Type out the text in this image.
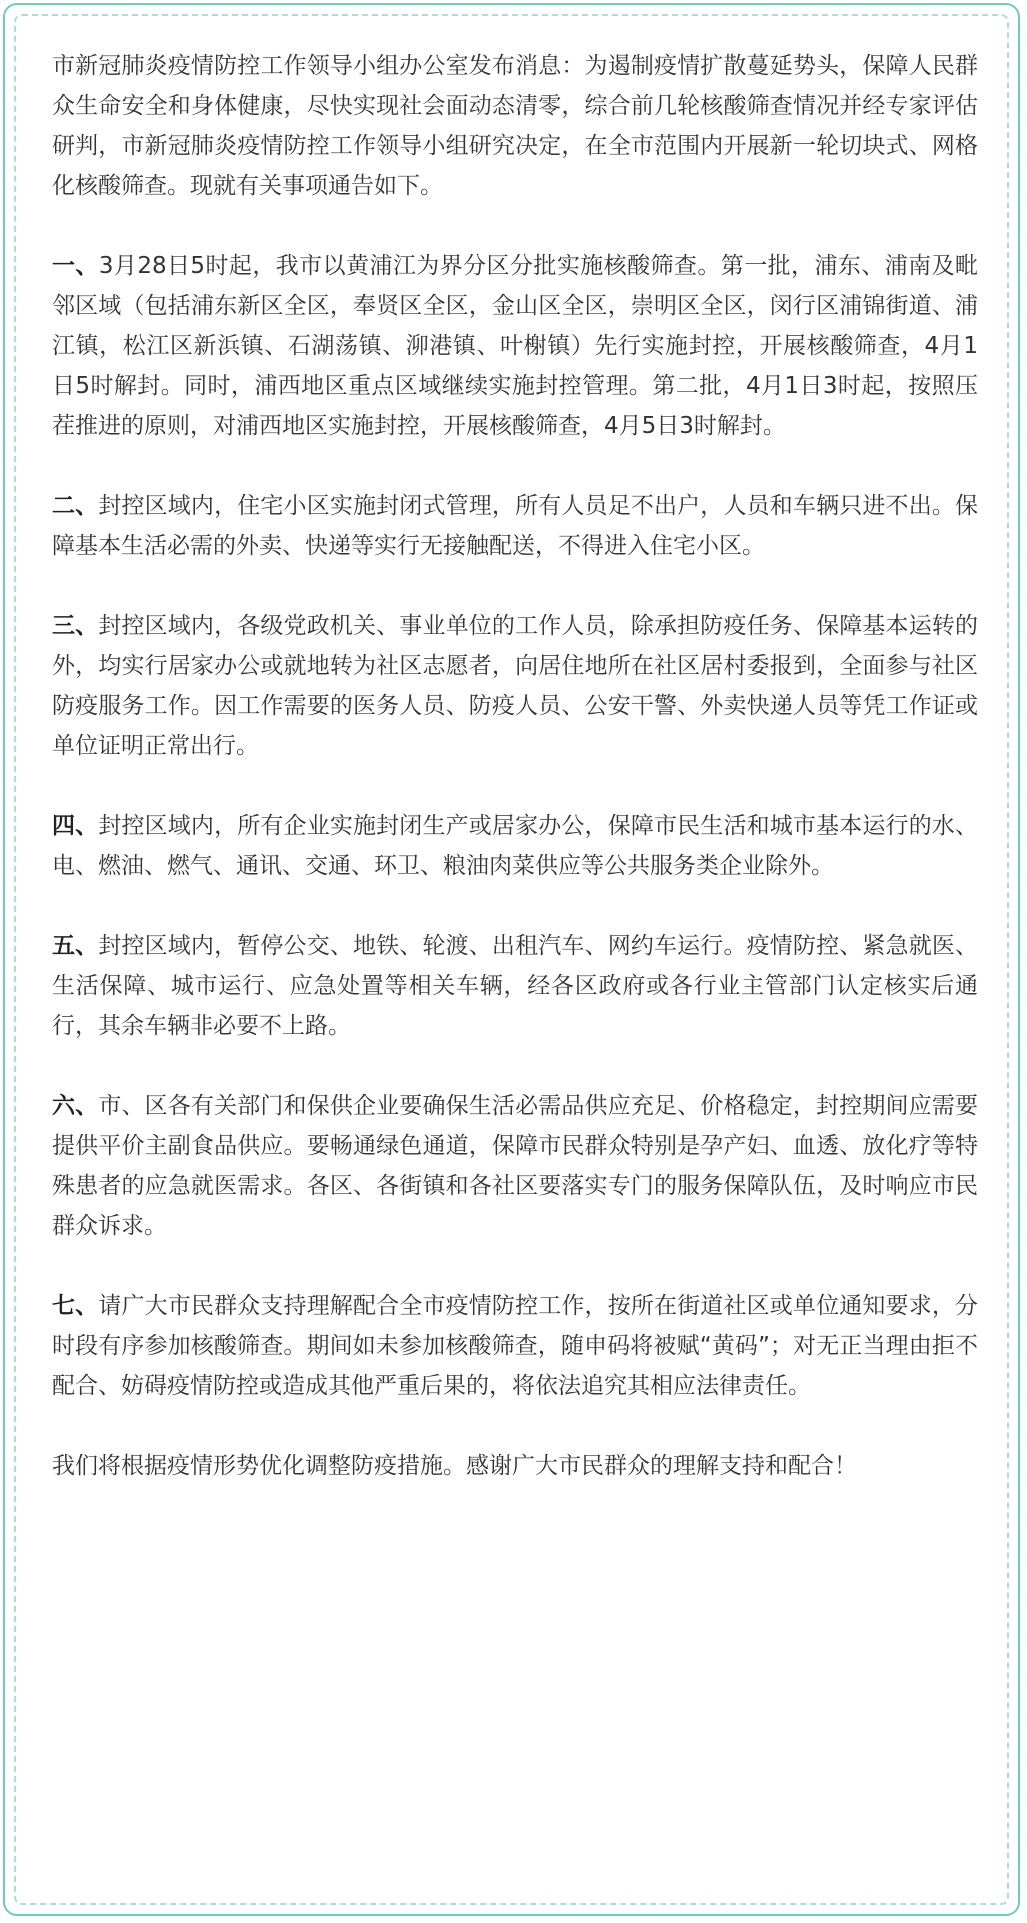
市新冠肺炎疫情防控工作领导小组办公室发布消息：为遏制疫情扩散蔓延势头，保障人民群众生命安全和身体健康，尽快实现社会面动态清零，综合前几轮核酸筛查情况并经专家评估研判，市新冠肺炎疫情防控工作领导小组研究决定，在全市范围内开展新一轮切块式、网格化核酸筛查。现就有关事项通告如下。

一、3月28日5时起，我市以黄浦江为界分区分批实施核酸筛查。第一批，浦东、浦南及毗邻区域（包括浦东新区全区，奉贤区全区，金山区全区，崇明区全区，闵行区浦锦街道、浦江镇，松江区新浜镇、石湖荡镇、泖港镇、叶榭镇）先行实施封控，开展核酸筛查，4月1日5时解封。同时，浦西地区重点区域继续实施封控管理。第二批，4月1日3时起，按照压茬推进的原则，对浦西地区实施封控，开展核酸筛查，4月5日3时解封。

二、封控区域内，住宅小区实施封闭式管理，所有人员足不出户，人员和车辆只进不出。保障基本生活必需的外卖、快递等实行无接触配送，不得进入住宅小区。

三、封控区域内，各级党政机关、事业单位的工作人员，除承担防疫任务、保障基本运转的外，均实行居家办公或就地转为社区志愿者，向居住地所在社区居村委报到，全面参与社区防疫服务工作。因工作需要的医务人员、防疫人员、公安干警、外卖快递人员等凭工作证或单位证明正常出行。

四、封控区域内，所有企业实施封闭生产或居家办公，保障市民生活和城市基本运行的水、电、燃油、燃气、通讯、交通、环卫、粮油肉菜供应等公共服务类企业除外。

五、封控区域内，暂停公交、地铁、轮渡、出租汽车、网约车运行。疫情防控、紧急就医、生活保障、城市运行、应急处置等相关车辆，经各区政府或各行业主管部门认定核实后通行，其余车辆非必要不上路。

六、市、区各有关部门和保供企业要确保生活必需品供应充足、价格稳定，封控期间应需要提供平价主副食品供应。要畅通绿色通道，保障市民群众特别是孕产妇、血透、放化疗等特殊患者的应急就医需求。各区、各街镇和各社区要落实专门的服务保障队伍，及时响应市民群众诉求。

七、请广大市民群众支持理解配合全市疫情防控工作，按所在街道社区或单位通知要求，分时段有序参加核酸筛查。期间如未参加核酸筛查，随申码将被赋“黄码”；对无正当理由拒不配合、妨碍疫情防控或造成其他严重后果的，将依法追究其相应法律责任。

我们将根据疫情形势优化调整防疫措施。感谢广大市民群众的理解支持和配合！
